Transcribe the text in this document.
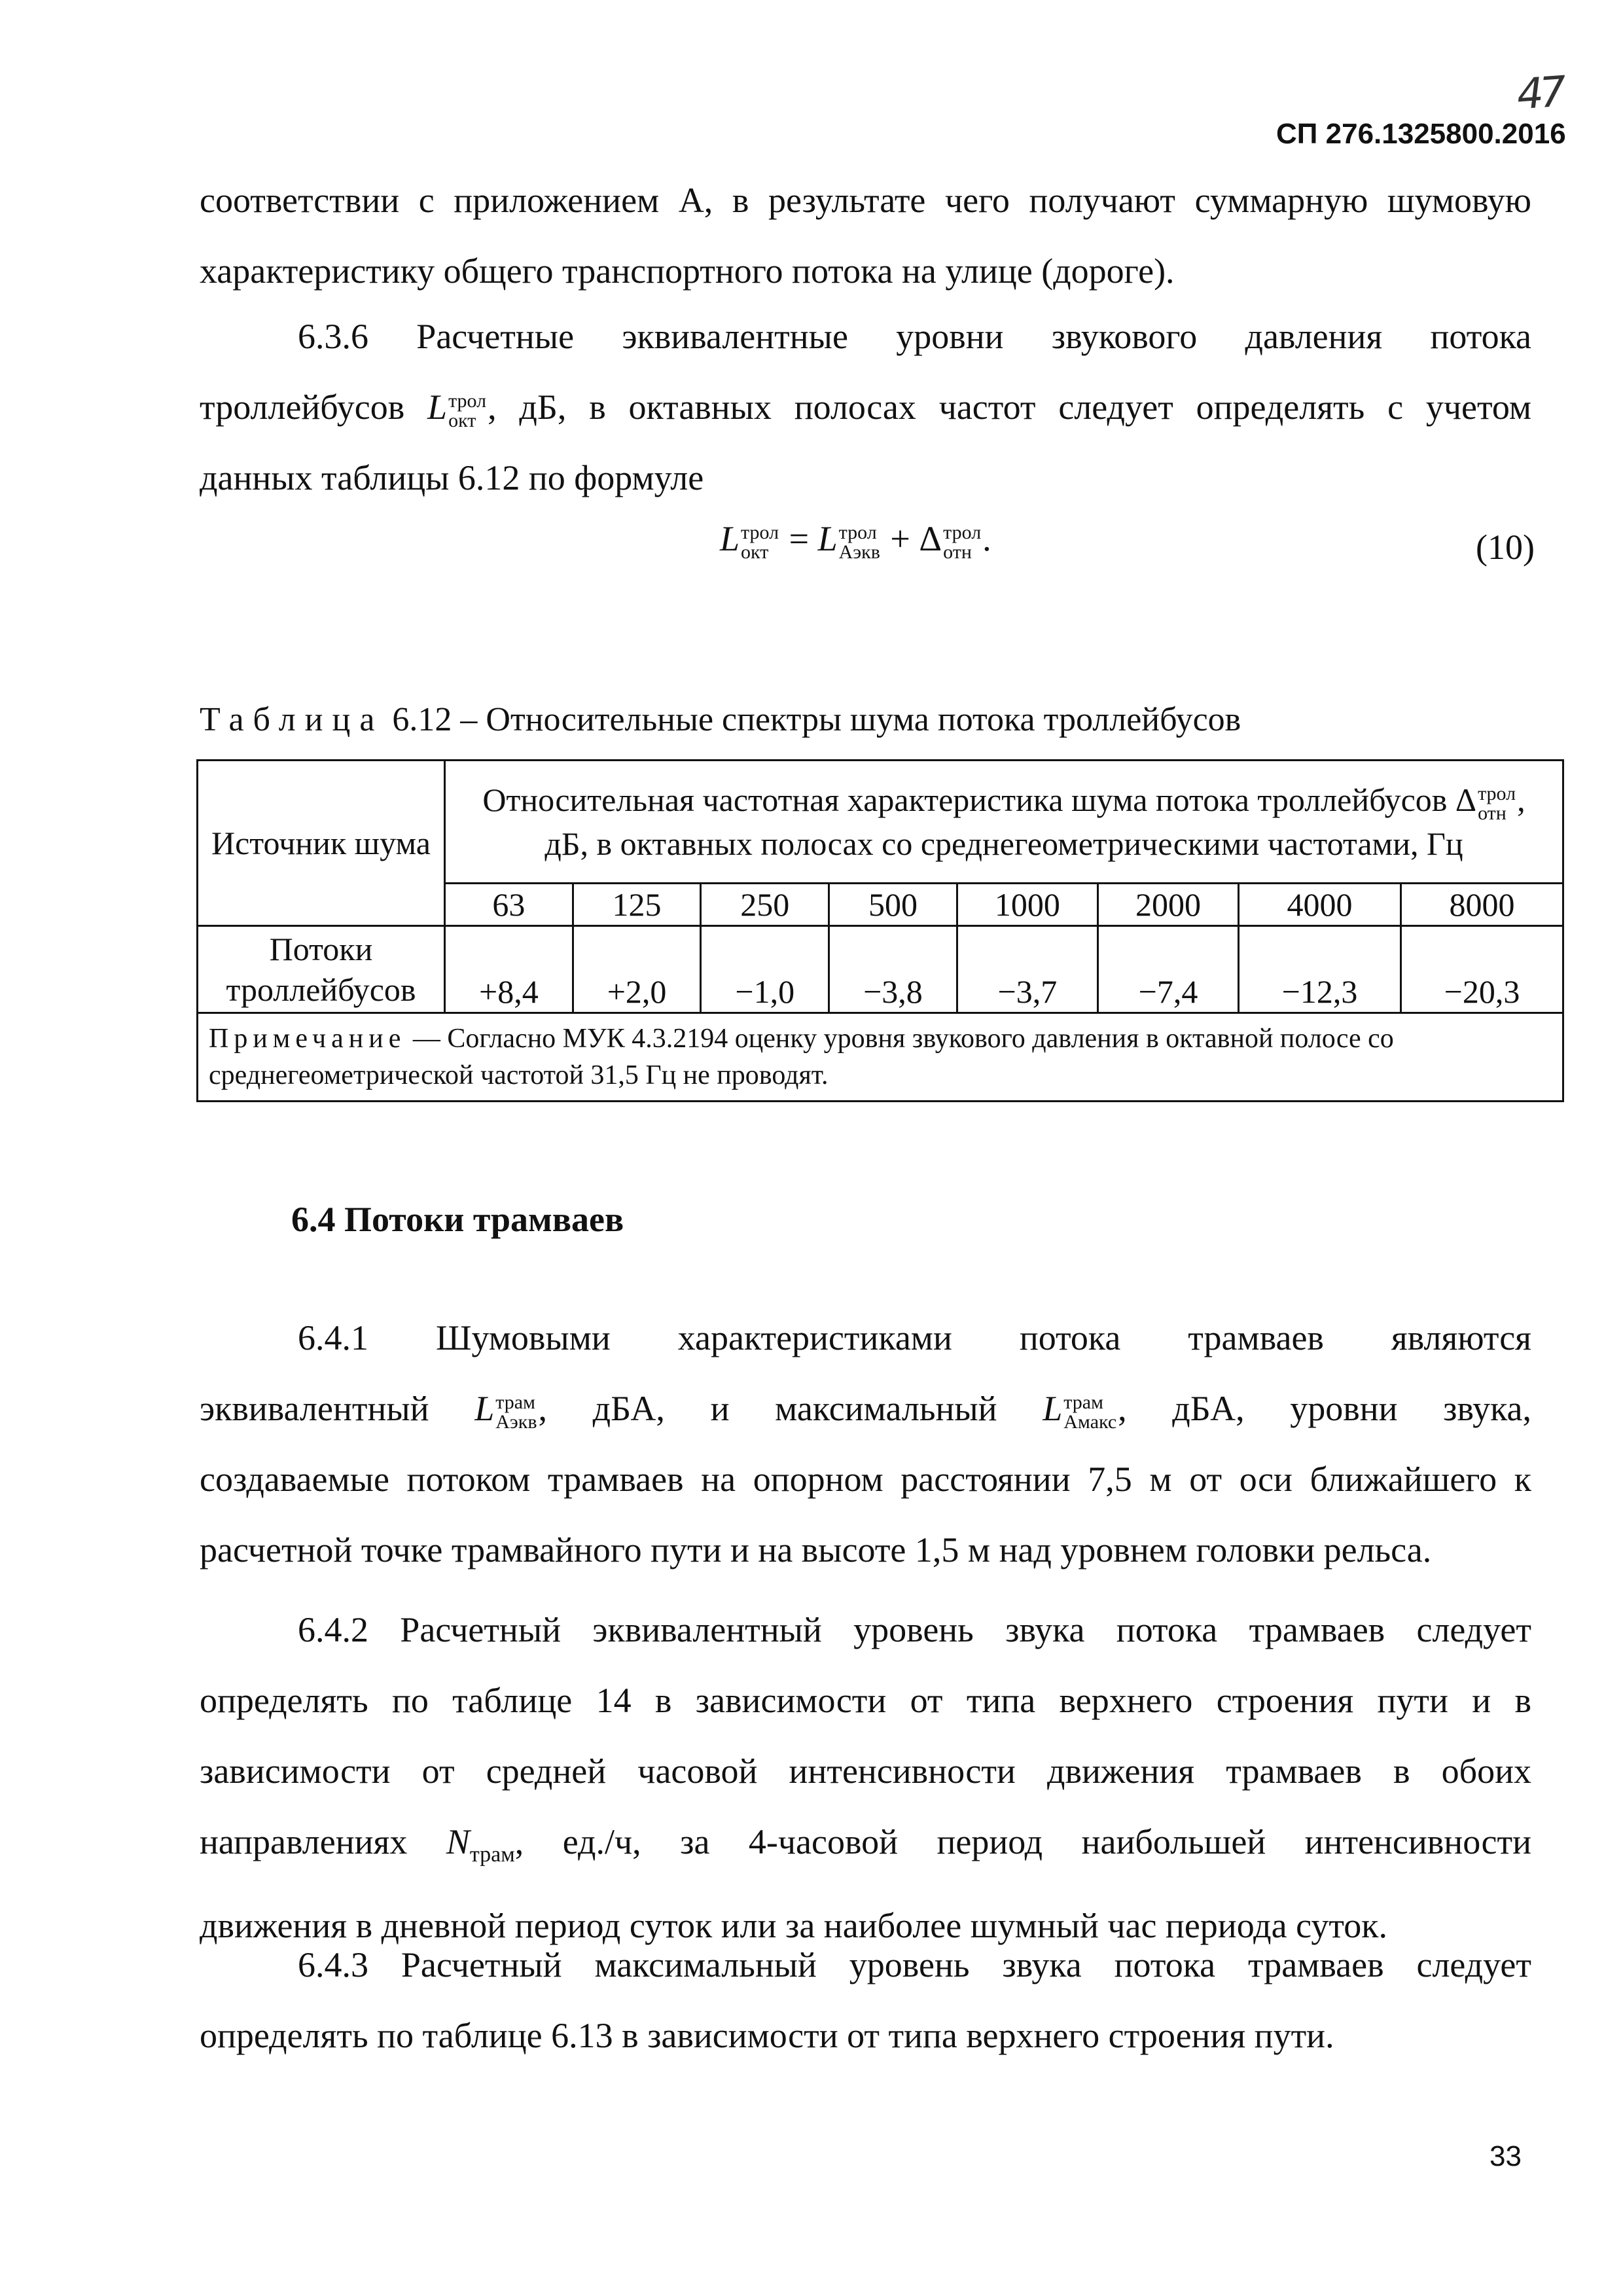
47
СП 276.1325800.2016
соответствии с приложением А, в результате чего получают суммарную шумовую
характеристику общего транспортного потока на улице (дороге).
6.3.6 Расчетные эквивалентные уровни звукового давления потока
троллейбусов L трол
окт , дБ, в октавных полосах частот следует определять с учетом
данных таблицы 6.12 по формуле
L трол
окт = L трол
Аэкв + Δ трол
отн .	(10)
Таблица 6.12 – Относительные спектры шума потока троллейбусов
Источник шума	Относительная частотная характеристика шума потока троллейбусов Δ трол
отн , дБ, в октавных полосах со среднегеометрическими частотами, Гц							
	63	125	250	500	1000	2000	4000	8000
Потоки троллейбусов	+8,4	+2,0	−1,0	−3,8	−3,7	−7,4	−12,3	−20,3
Примечание — Согласно МУК 4.3.2194 оценку уровня звукового давления в октавной полосе со среднегеометрической частотой 31,5 Гц не проводят.								
6.4 Потоки трамваев
6.4.1 Шумовыми характеристиками потока трамваев являются
эквивалентный L трам
Аэкв , дБА, и максимальный L трам
Амакс , дБА, уровни звука,
создаваемые потоком трамваев на опорном расстоянии 7,5 м от оси ближайшего к
расчетной точке трамвайного пути и на высоте 1,5 м над уровнем головки рельса.
6.4.2 Расчетный эквивалентный уровень звука потока трамваев следует
определять по таблице 14 в зависимости от типа верхнего строения пути и в
зависимости от средней часовой интенсивности движения трамваев в обоих
направлениях $N_{трам}$, ед./ч, за 4-часовой период наибольшей интенсивности
движения в дневной период суток или за наиболее шумный час периода суток.
6.4.3 Расчетный максимальный уровень звука потока трамваев следует
определять по таблице 6.13 в зависимости от типа верхнего строения пути.
33
